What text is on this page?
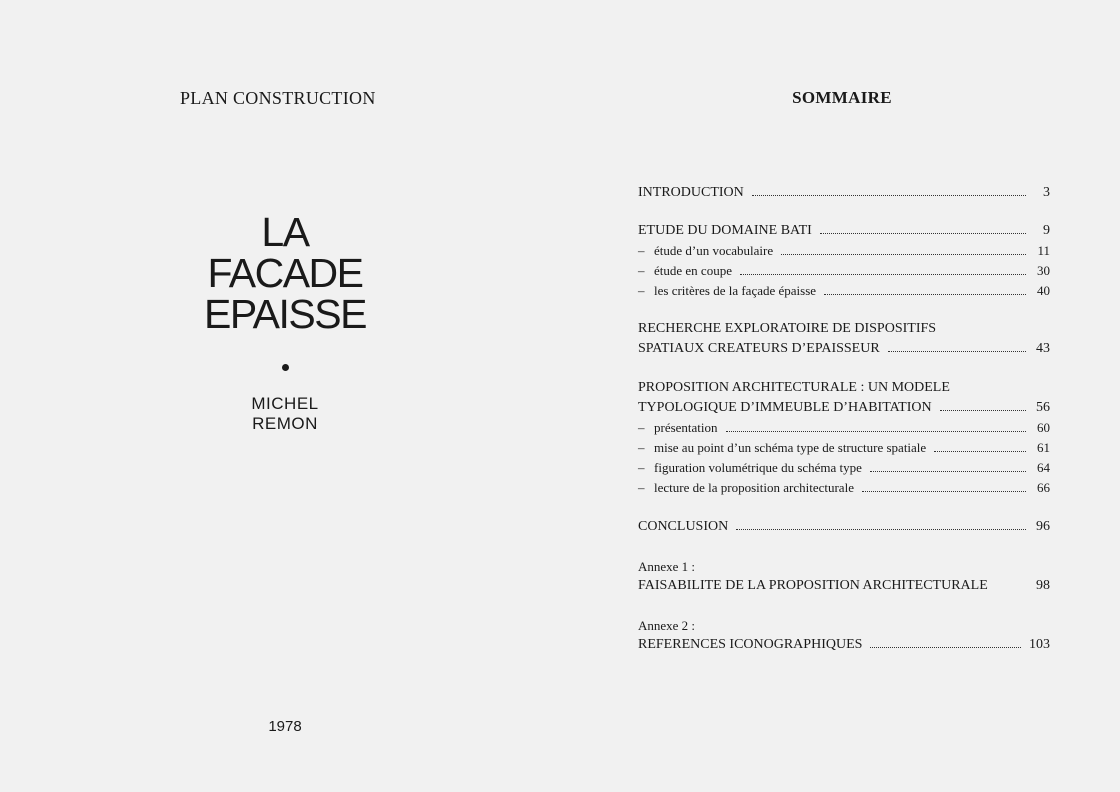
PLAN CONSTRUCTION
LA
FACADE
EPAISSE
MICHEL
REMON
1978
SOMMAIRE
INTRODUCTION	3
ETUDE DU DOMAINE BATI	9
– étude d’un vocabulaire	11
– étude en coupe	30
– les critères de la façade épaisse	40
RECHERCHE EXPLORATOIRE DE DISPOSITIFS
SPATIAUX CREATEURS D’EPAISSEUR	43
PROPOSITION ARCHITECTURALE : UN MODELE
TYPOLOGIQUE D’IMMEUBLE D’HABITATION	56
– présentation	60
– mise au point d’un schéma type de structure spatiale	61
– figuration volumétrique du schéma type	64
– lecture de la proposition architecturale	66
CONCLUSION	96
Annexe 1 :
FAISABILITE DE LA PROPOSITION ARCHITECTURALE	98
Annexe 2 :
REFERENCES ICONOGRAPHIQUES	103
